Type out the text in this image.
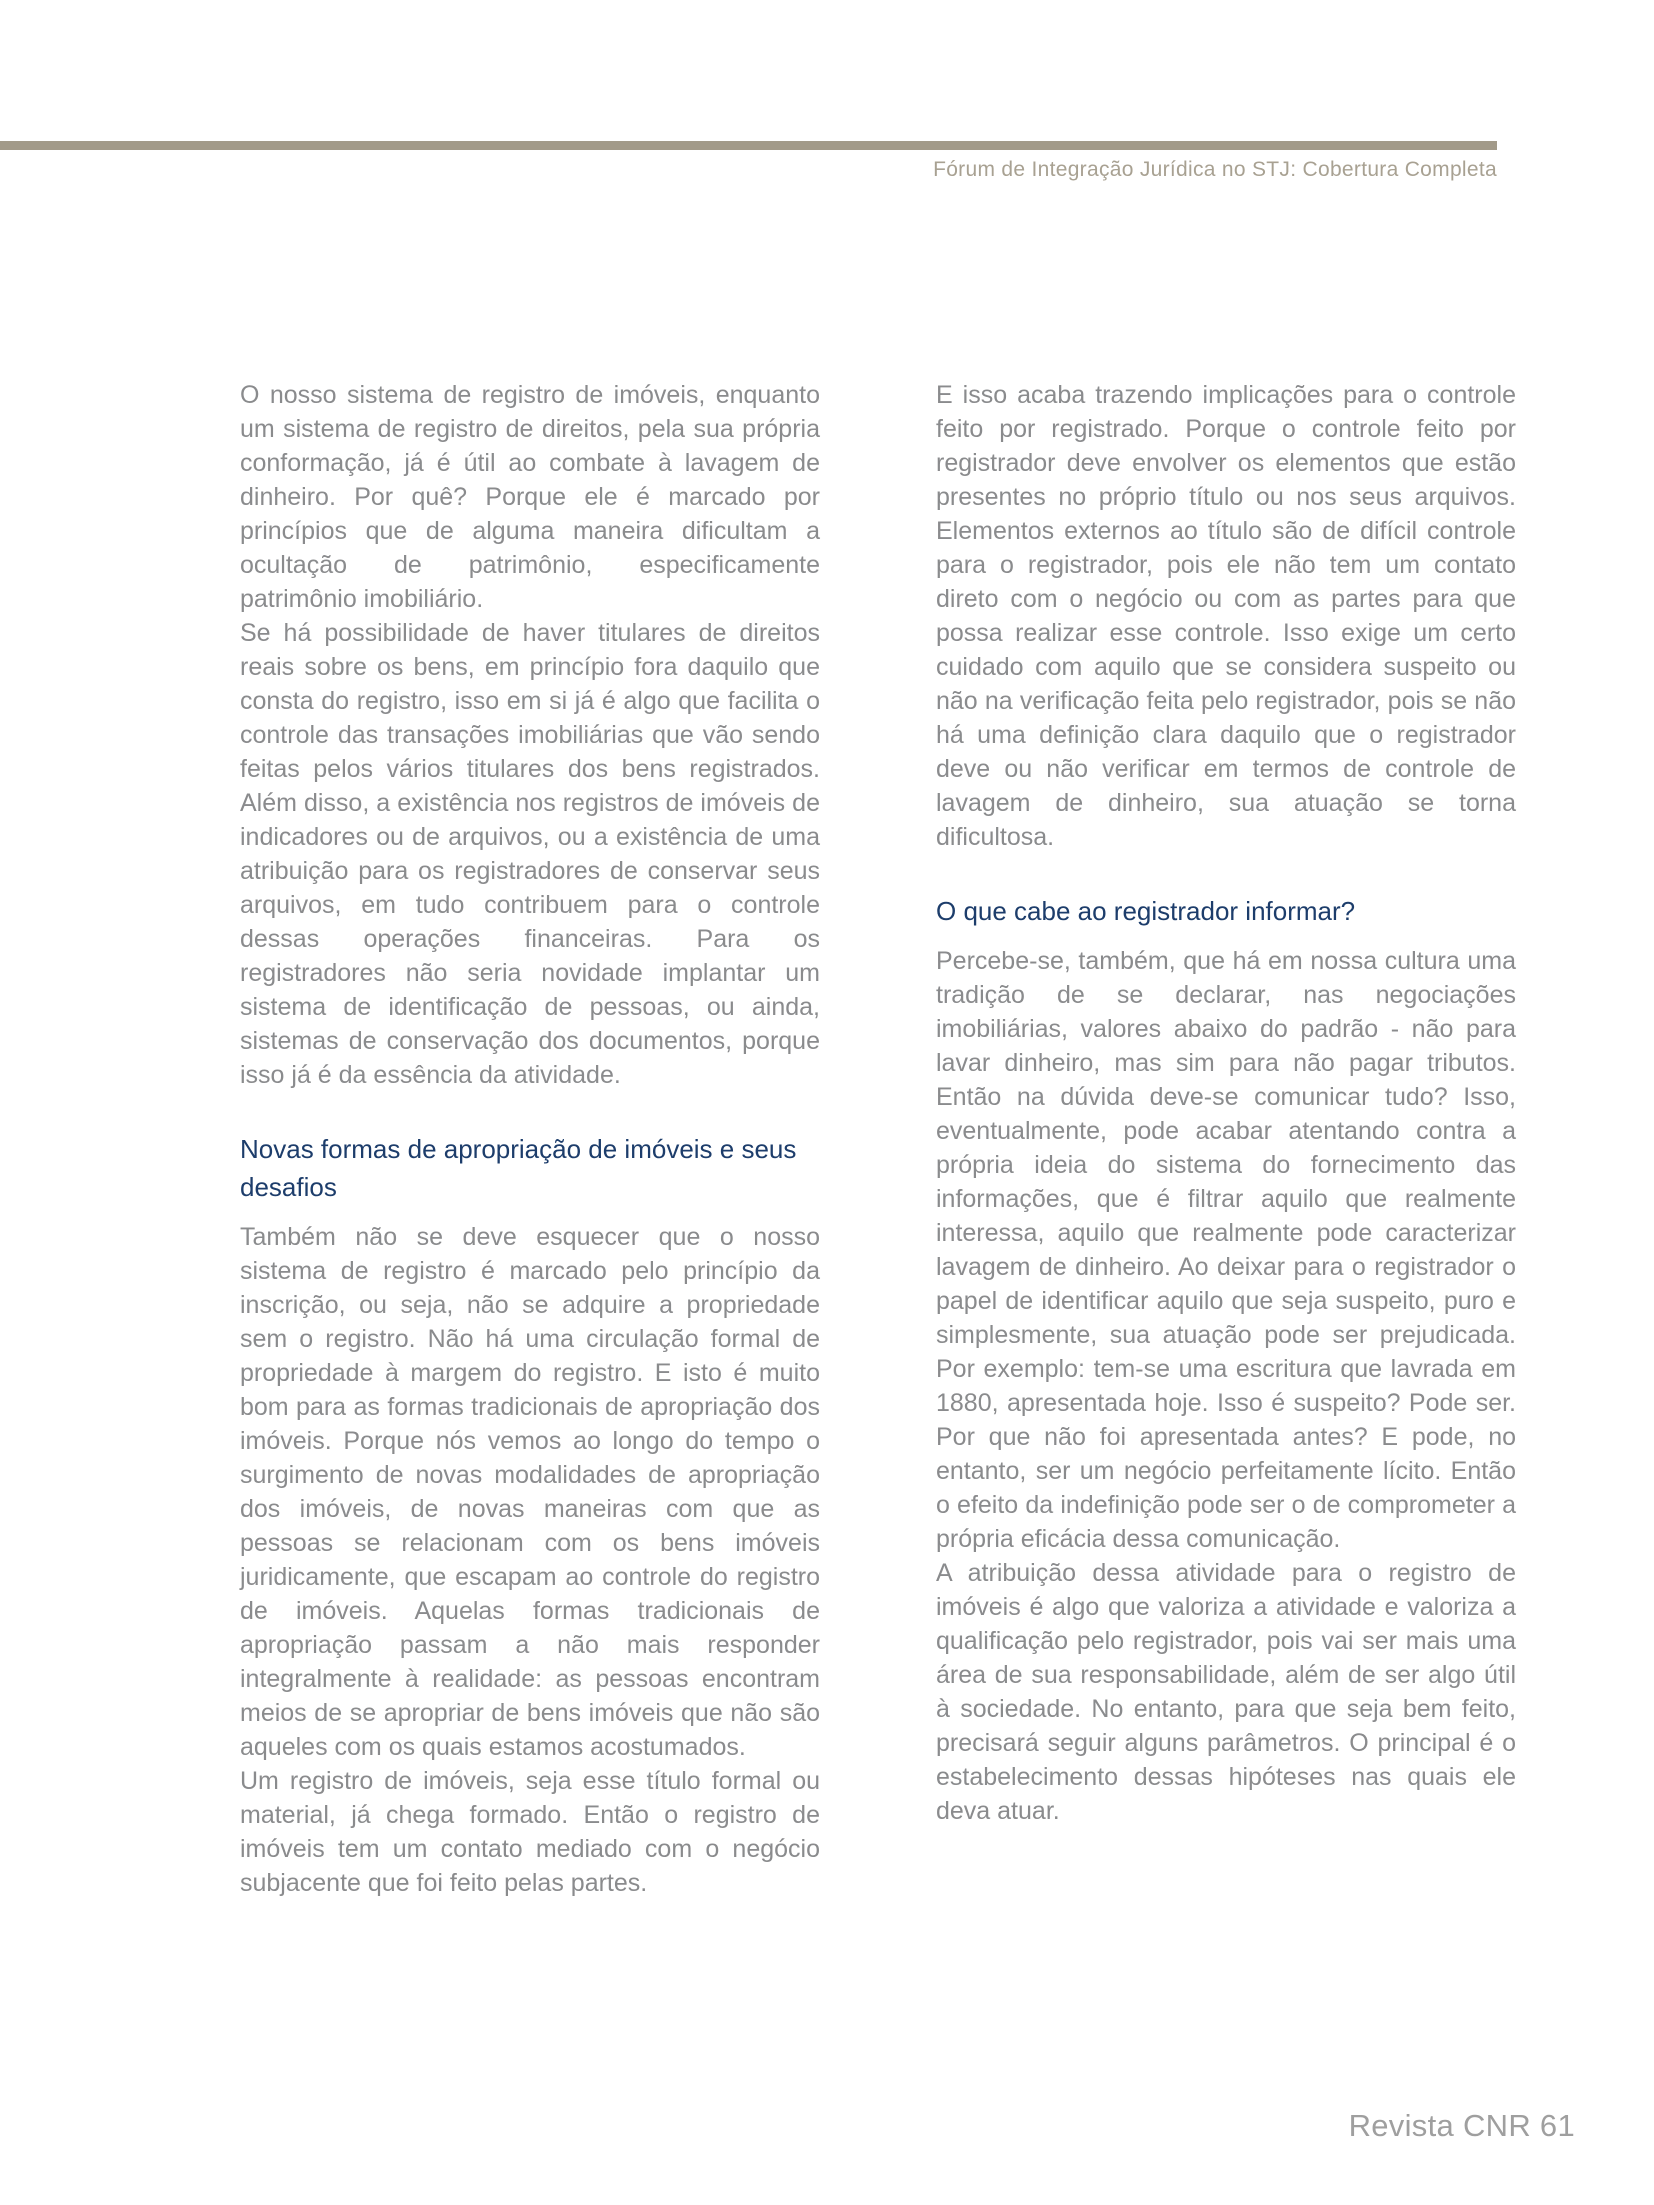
Fórum de Integração Jurídica no STJ: Cobertura Completa

O nosso sistema de registro de imóveis, enquanto um sistema de registro de direitos, pela sua própria conformação, já é útil ao combate à lavagem de dinheiro. Por quê? Porque ele é marcado por princípios que de alguma maneira dificultam a ocultação de patrimônio, especificamente patrimônio imobiliário.

Se há possibilidade de haver titulares de direitos reais sobre os bens, em princípio fora daquilo que consta do registro, isso em si já é algo que facilita o controle das transações imobiliárias que vão sendo feitas pelos vários titulares dos bens registrados. Além disso, a existência nos registros de imóveis de indicadores ou de arquivos, ou a existência de uma atribuição para os registradores de conservar seus arquivos, em tudo contribuem para o controle dessas operações financeiras. Para os registradores não seria novidade implantar um sistema de identificação de pessoas, ou ainda, sistemas de conservação dos documentos, porque isso já é da essência da atividade.

Novas formas de apropriação de imóveis e seus desafios

Também não se deve esquecer que o nosso sistema de registro é marcado pelo princípio da inscrição, ou seja, não se adquire a propriedade sem o registro. Não há uma circulação formal de propriedade à margem do registro. E isto é muito bom para as formas tradicionais de apropriação dos imóveis. Porque nós vemos ao longo do tempo o surgimento de novas modalidades de apropriação dos imóveis, de novas maneiras com que as pessoas se relacionam com os bens imóveis juridicamente, que escapam ao controle do registro de imóveis. Aquelas formas tradicionais de apropriação passam a não mais responder integralmente à realidade: as pessoas encontram meios de se apropriar de bens imóveis que não são aqueles com os quais estamos acostumados.

Um registro de imóveis, seja esse título formal ou material, já chega formado. Então o registro de imóveis tem um contato mediado com o negócio subjacente que foi feito pelas partes.

E isso acaba trazendo implicações para o controle feito por registrado. Porque o controle feito por registrador deve envolver os elementos que estão presentes no próprio título ou nos seus arquivos. Elementos externos ao título são de difícil controle para o registrador, pois ele não tem um contato direto com o negócio ou com as partes para que possa realizar esse controle. Isso exige um certo cuidado com aquilo que se considera suspeito ou não na verificação feita pelo registrador, pois se não há uma definição clara daquilo que o registrador deve ou não verificar em termos de controle de lavagem de dinheiro, sua atuação se torna dificultosa.

O que cabe ao registrador informar?

Percebe-se, também, que há em nossa cultura uma tradição de se declarar, nas negociações imobiliárias, valores abaixo do padrão - não para lavar dinheiro, mas sim para não pagar tributos. Então na dúvida deve-se comunicar tudo? Isso, eventualmente, pode acabar atentando contra a própria ideia do sistema do fornecimento das informações, que é filtrar aquilo que realmente interessa, aquilo que realmente pode caracterizar lavagem de dinheiro. Ao deixar para o registrador o papel de identificar aquilo que seja suspeito, puro e simplesmente, sua atuação pode ser prejudicada. Por exemplo: tem-se uma escritura que lavrada em 1880, apresentada hoje. Isso é suspeito? Pode ser. Por que não foi apresentada antes? E pode, no entanto, ser um negócio perfeitamente lícito. Então o efeito da indefinição pode ser o de comprometer a própria eficácia dessa comunicação.

A atribuição dessa atividade para o registro de imóveis é algo que valoriza a atividade e valoriza a qualificação pelo registrador, pois vai ser mais uma área de sua responsabilidade, além de ser algo útil à sociedade. No entanto, para que seja bem feito, precisará seguir alguns parâmetros. O principal é o estabelecimento dessas hipóteses nas quais ele deva atuar.

Revista CNR 61
